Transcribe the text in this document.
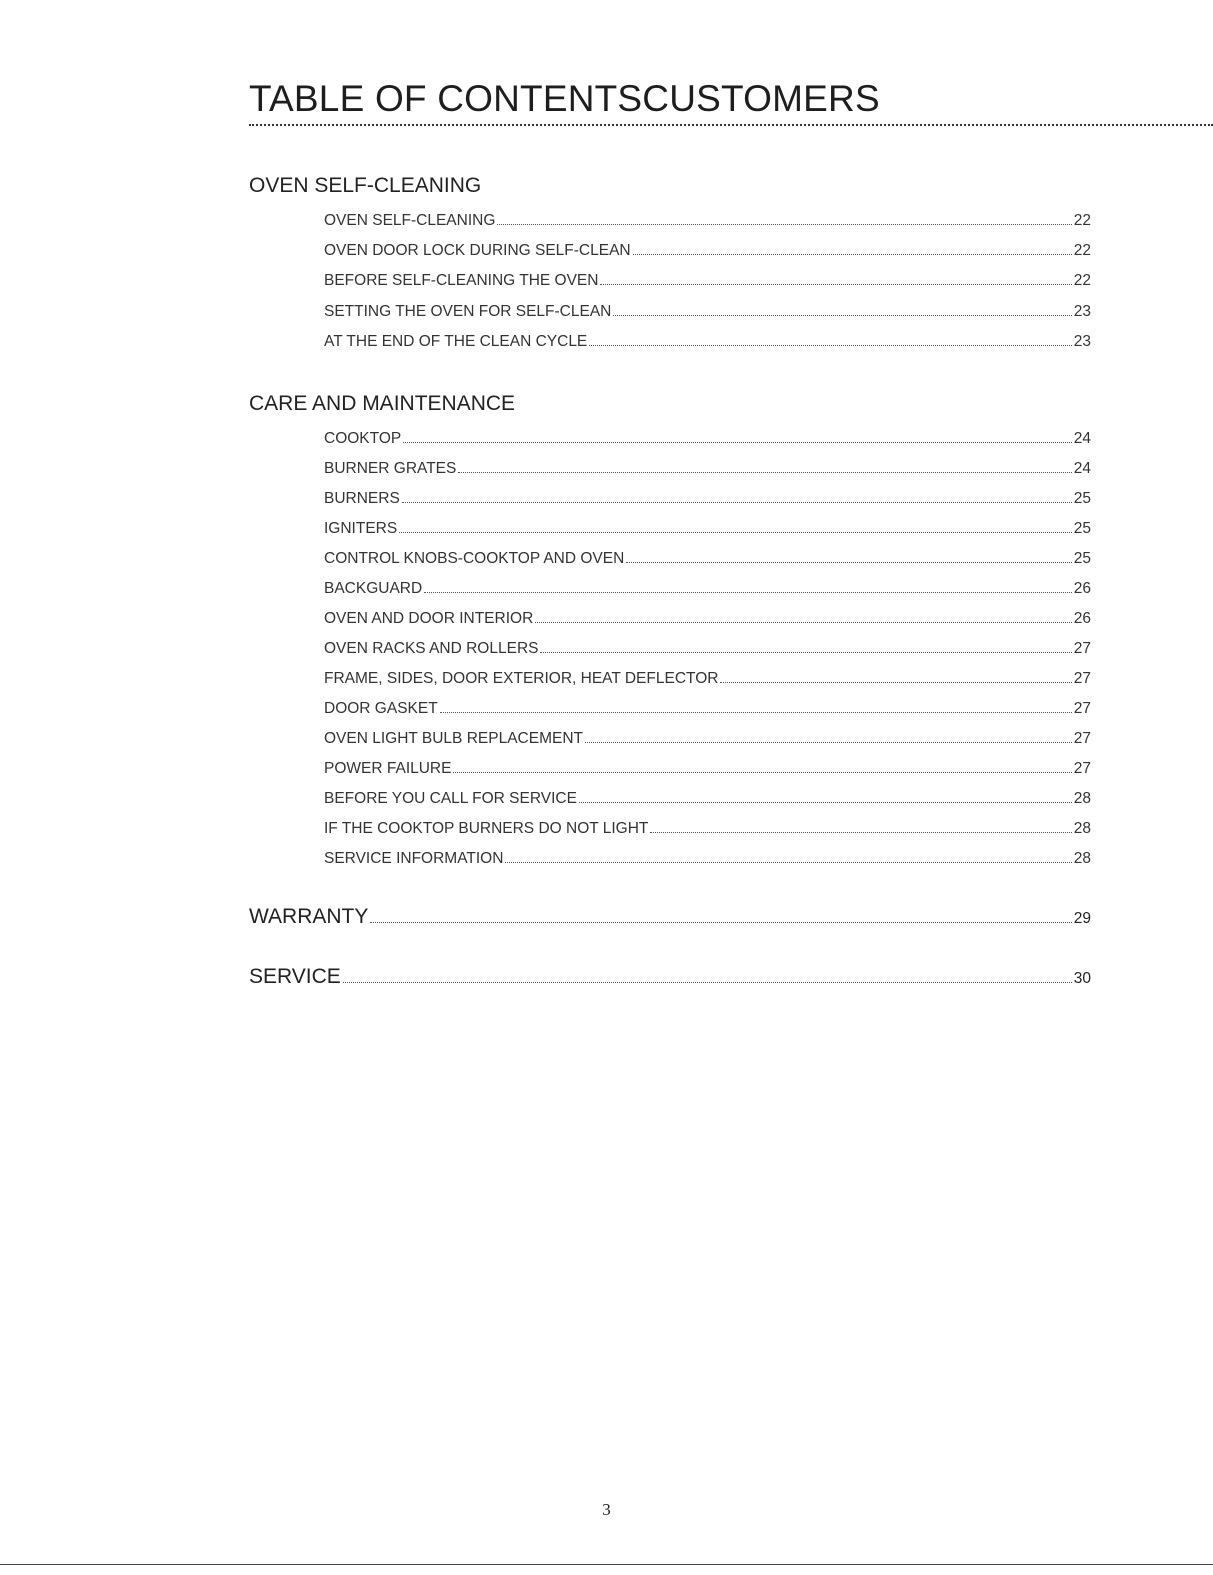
TABLE OF CONTENTSCUSTOMERS
OVEN SELF-CLEANING
OVEN SELF-CLEANING	22
OVEN DOOR LOCK DURING SELF-CLEAN	22
BEFORE SELF-CLEANING THE OVEN	22
SETTING THE OVEN FOR SELF-CLEAN	23
AT THE END OF THE CLEAN CYCLE	23
CARE AND MAINTENANCE
COOKTOP	24
BURNER GRATES	24
BURNERS	25
IGNITERS	25
CONTROL KNOBS-COOKTOP AND OVEN	25
BACKGUARD	26
OVEN AND DOOR INTERIOR	26
OVEN RACKS AND ROLLERS	27
FRAME, SIDES, DOOR EXTERIOR, HEAT DEFLECTOR	27
DOOR GASKET	27
OVEN LIGHT BULB REPLACEMENT	27
POWER FAILURE	27
BEFORE YOU CALL FOR SERVICE	28
IF THE COOKTOP BURNERS DO NOT LIGHT	28
SERVICE INFORMATION	28
WARRANTY	29
SERVICE	30
3
